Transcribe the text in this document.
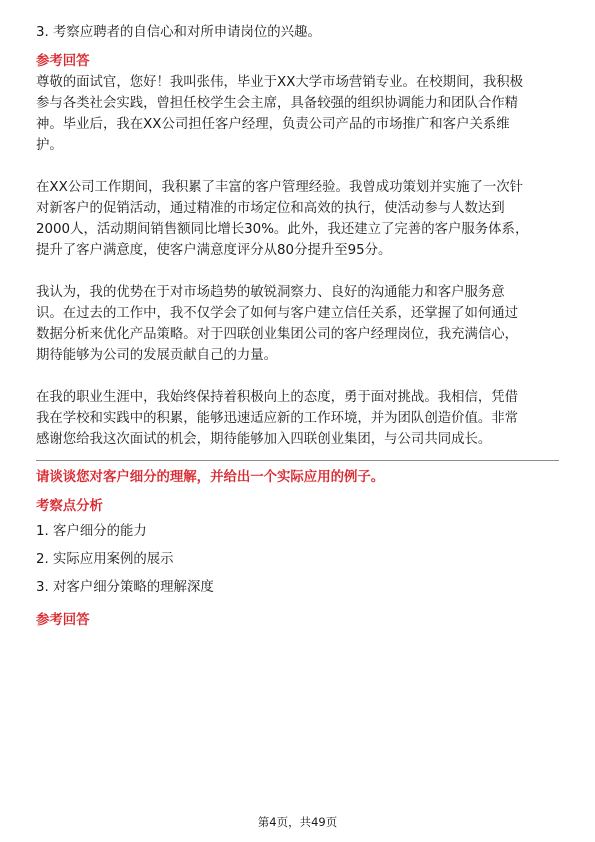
3. 考察应聘者的自信心和对所申请岗位的兴趣。
参考回答
尊敬的面试官，您好！我叫张伟，毕业于XX大学市场营销专业。在校期间，我积极
参与各类社会实践，曾担任校学生会主席，具备较强的组织协调能力和团队合作精
神。毕业后，我在XX公司担任客户经理，负责公司产品的市场推广和客户关系维
护。
在XX公司工作期间，我积累了丰富的客户管理经验。我曾成功策划并实施了一次针
对新客户的促销活动，通过精准的市场定位和高效的执行，使活动参与人数达到
2000人，活动期间销售额同比增长30%。此外，我还建立了完善的客户服务体系，
提升了客户满意度，使客户满意度评分从80分提升至95分。
我认为，我的优势在于对市场趋势的敏锐洞察力、良好的沟通能力和客户服务意
识。在过去的工作中，我不仅学会了如何与客户建立信任关系，还掌握了如何通过
数据分析来优化产品策略。对于四联创业集团公司的客户经理岗位，我充满信心，
期待能够为公司的发展贡献自己的力量。
在我的职业生涯中，我始终保持着积极向上的态度，勇于面对挑战。我相信，凭借
我在学校和实践中的积累，能够迅速适应新的工作环境，并为团队创造价值。非常
感谢您给我这次面试的机会，期待能够加入四联创业集团，与公司共同成长。
请谈谈您对客户细分的理解，并给出一个实际应用的例子。
考察点分析
1. 客户细分的能力
2. 实际应用案例的展示
3. 对客户细分策略的理解深度
参考回答
第4页，共49页
